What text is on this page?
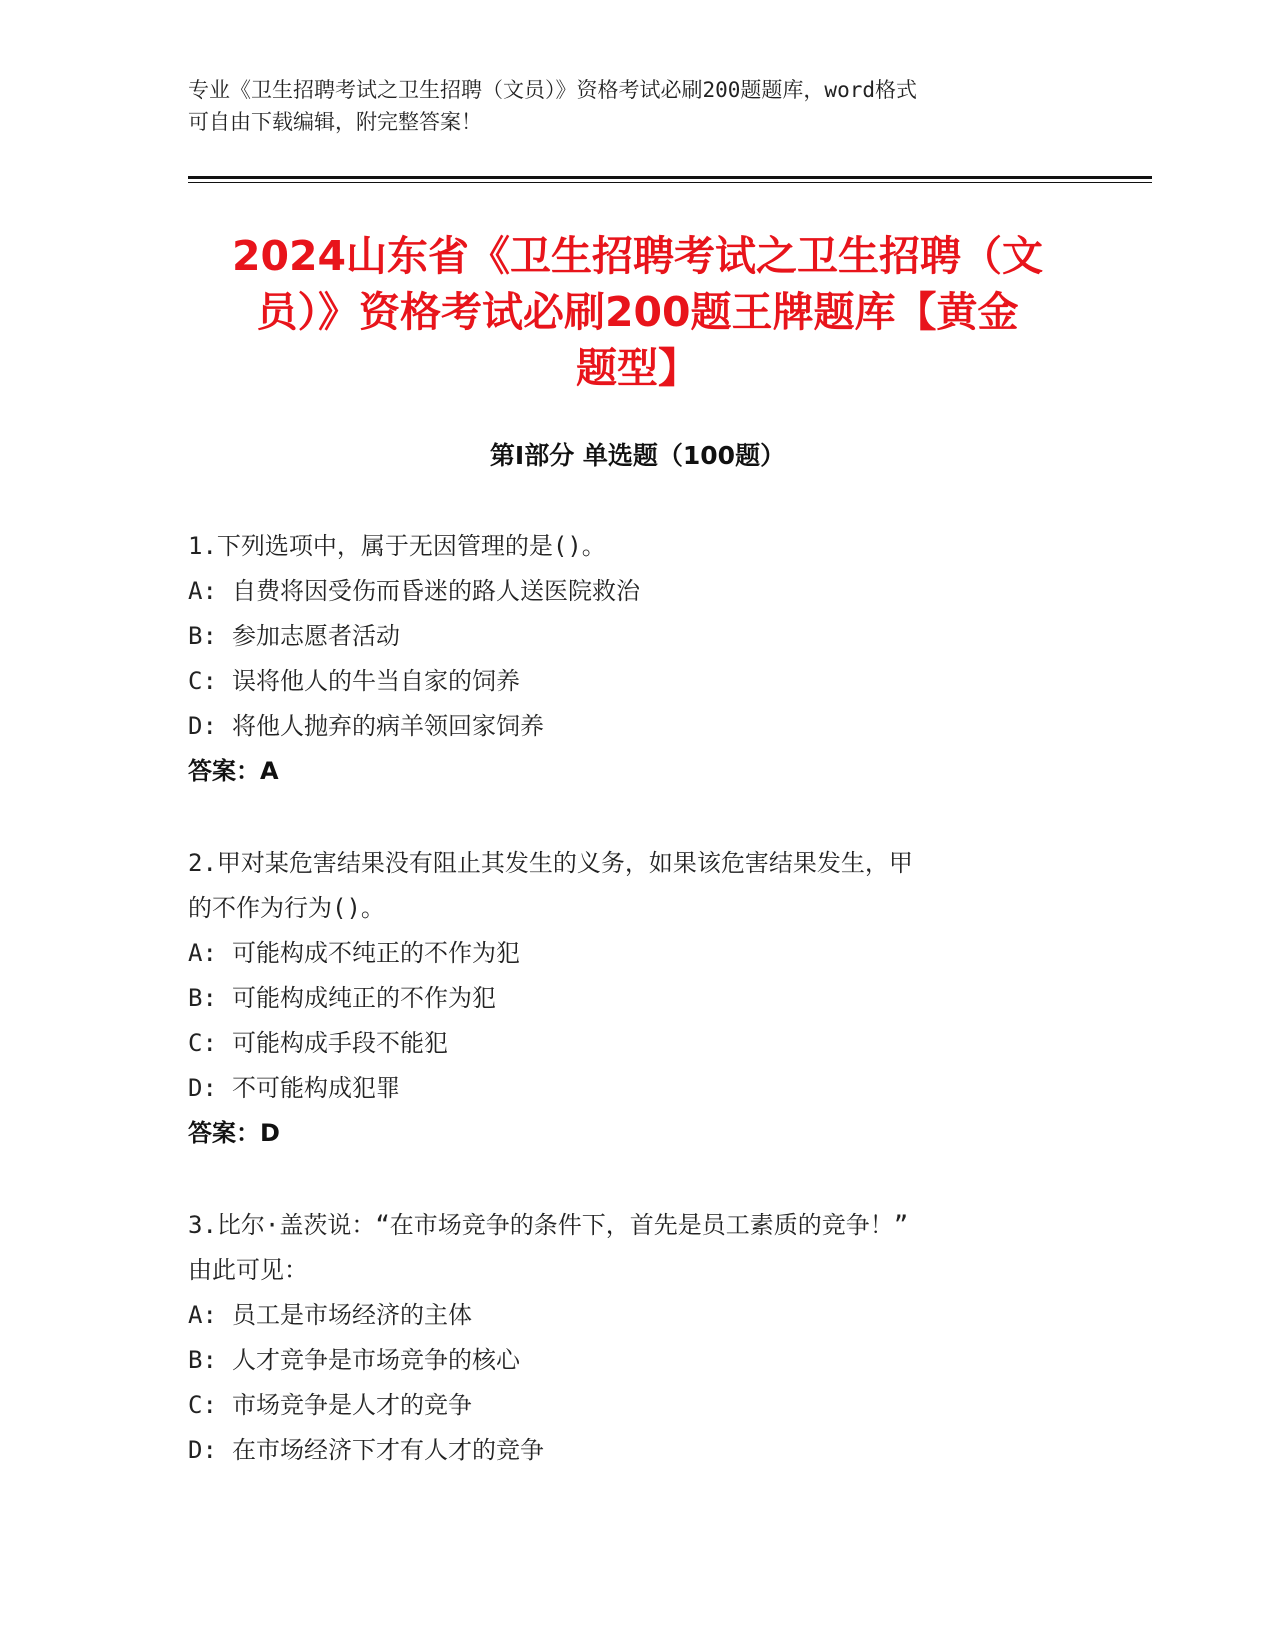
专业《卫生招聘考试之卫生招聘（文员）》资格考试必刷200题题库，word格式
可自由下载编辑，附完整答案！
2024山东省《卫生招聘考试之卫生招聘（文
员）》资格考试必刷200题王牌题库【黄金
题型】
第Ⅰ部分 单选题（100题）
1.下列选项中，属于无因管理的是()。
A: 自费将因受伤而昏迷的路人送医院救治
B: 参加志愿者活动
C: 误将他人的牛当自家的饲养
D: 将他人抛弃的病羊领回家饲养
答案：A
2.甲对某危害结果没有阻止其发生的义务，如果该危害结果发生，甲
的不作为行为()。
A: 可能构成不纯正的不作为犯
B: 可能构成纯正的不作为犯
C: 可能构成手段不能犯
D: 不可能构成犯罪
答案：D
3.比尔·盖茨说：“在市场竞争的条件下，首先是员工素质的竞争！”
由此可见：
A: 员工是市场经济的主体
B: 人才竞争是市场竞争的核心
C: 市场竞争是人才的竞争
D: 在市场经济下才有人才的竞争
